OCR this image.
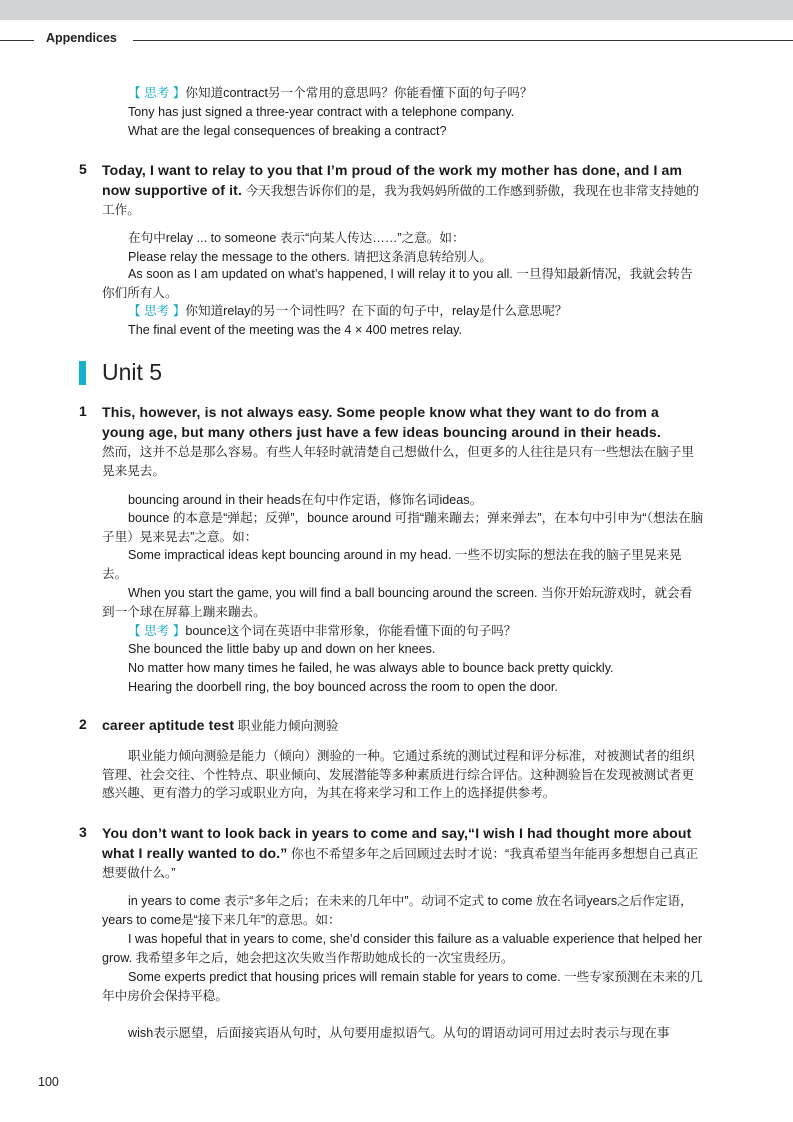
Appendices
【 思考 】你知道contract另一个常用的意思吗？你能看懂下面的句子吗？
Tony has just signed a three-year contract with a telephone company.
What are the legal consequences of breaking a contract?
5 Today, I want to relay to you that I’m proud of the work my mother has done, and I am now supportive of it. 今天我想告诉你们的是，我为我妈妈所做的工作感到骄傲，我现在也非常支持她的工作。
在句中relay ... to someone 表示“向某人传达……”之意。如：
Please relay the message to the others. 请把这条消息转给别人。
As soon as I am updated on what’s happened, I will relay it to you all. 一旦得知最新情况，我就会转告你们所有人。
【 思考 】你知道relay的另一个词性吗？在下面的句子中，relay是什么意思呢？
The final event of the meeting was the 4 × 400 metres relay.
Unit 5
1 This, however, is not always easy. Some people know what they want to do from a young age, but many others just have a few ideas bouncing around in their heads.
然而，这并不总是那么容易。有些人年轻时就清楚自己想做什么，但更多的人往往是只有一些想法在脑子里晃来晃去。
bouncing around in their heads在句中作定语，修饰名词ideas。
bounce 的本意是“弹起；反弹”，bounce around 可指“蹦来蹦去；弹来弹去”，在本句中引申为“（想法在脑子里）晃来晃去”之意。如：
Some impractical ideas kept bouncing around in my head. 一些不切实际的想法在我的脑子里晃来晃去。
When you start the game, you will find a ball bouncing around the screen. 当你开始玩游戏时，就会看到一个球在屏幕上蹦来蹦去。
【 思考 】bounce这个词在英语中非常形象，你能看懂下面的句子吗？
She bounced the little baby up and down on her knees.
No matter how many times he failed, he was always able to bounce back pretty quickly.
Hearing the doorbell ring, the boy bounced across the room to open the door.
2 career aptitude test 职业能力倾向测验
职业能力倾向测验是能力（倾向）测验的一种。它通过系统的测试过程和评分标准，对被测试者的组织管理、社会交往、个性特点、职业倾向、发展潜能等多种素质进行综合评估。这种测验旨在发现被测试者更感兴趣、更有潜力的学习或职业方向，为其在将来学习和工作上的选择提供参考。
3 You don’t want to look back in years to come and say,“I wish I had thought more about what I really wanted to do.” 你也不希望多年之后回顾过去时才说：“我真希望当年能再多想想自己真正想要做什么。”
in years to come 表示“多年之后；在未来的几年中”。动词不定式 to come 放在名词years之后作定语，years to come是“接下来几年”的意思。如：
I was hopeful that in years to come, she’d consider this failure as a valuable experience that helped her grow. 我希望多年之后，她会把这次失败当作帮助她成长的一次宝贵经历。
Some experts predict that housing prices will remain stable for years to come. 一些专家预测在未来的几年中房价会保持平稳。
wish表示愿望，后面接宾语从句时，从句要用虚拟语气。从句的谓语动词可用过去时表示与现在事
100
